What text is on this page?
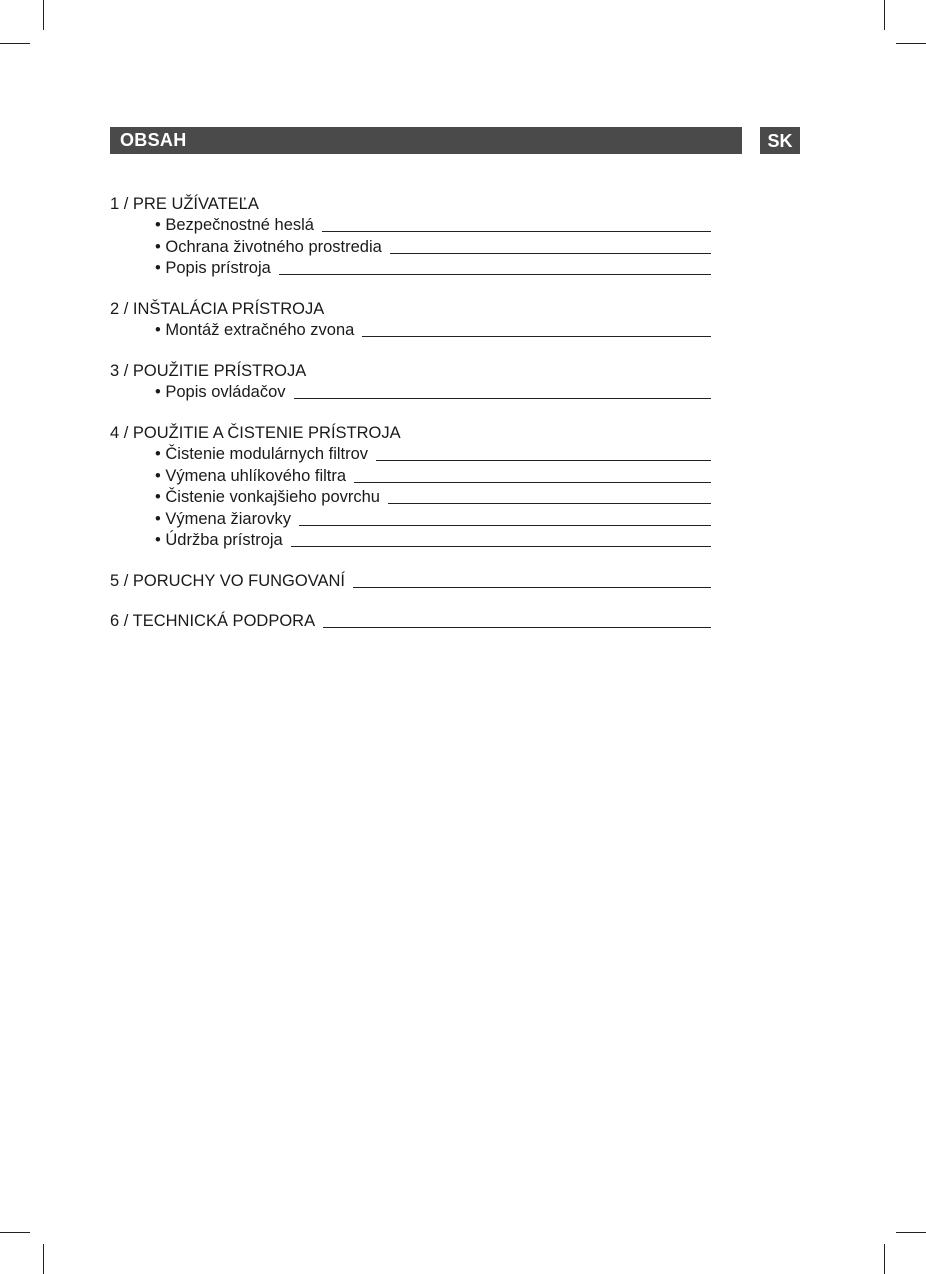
OBSAH	SK
1 / PRE UŽÍVATEĽA
• Bezpečnostné heslá
• Ochrana životného prostredia
• Popis prístroja
2 / INŠTALÁCIA PRÍSTROJA
• Montáž extračného zvona
3 / POUŽITIE PRÍSTROJA
• Popis ovládačov
4 / POUŽITIE A ČISTENIE PRÍSTROJA
• Čistenie modulárnych filtrov
• Výmena uhlíkového filtra
• Čistenie vonkajšieho povrchu
• Výmena žiarovky
• Údržba prístroja
5 / PORUCHY VO FUNGOVANÍ
6 / TECHNICKÁ PODPORA
